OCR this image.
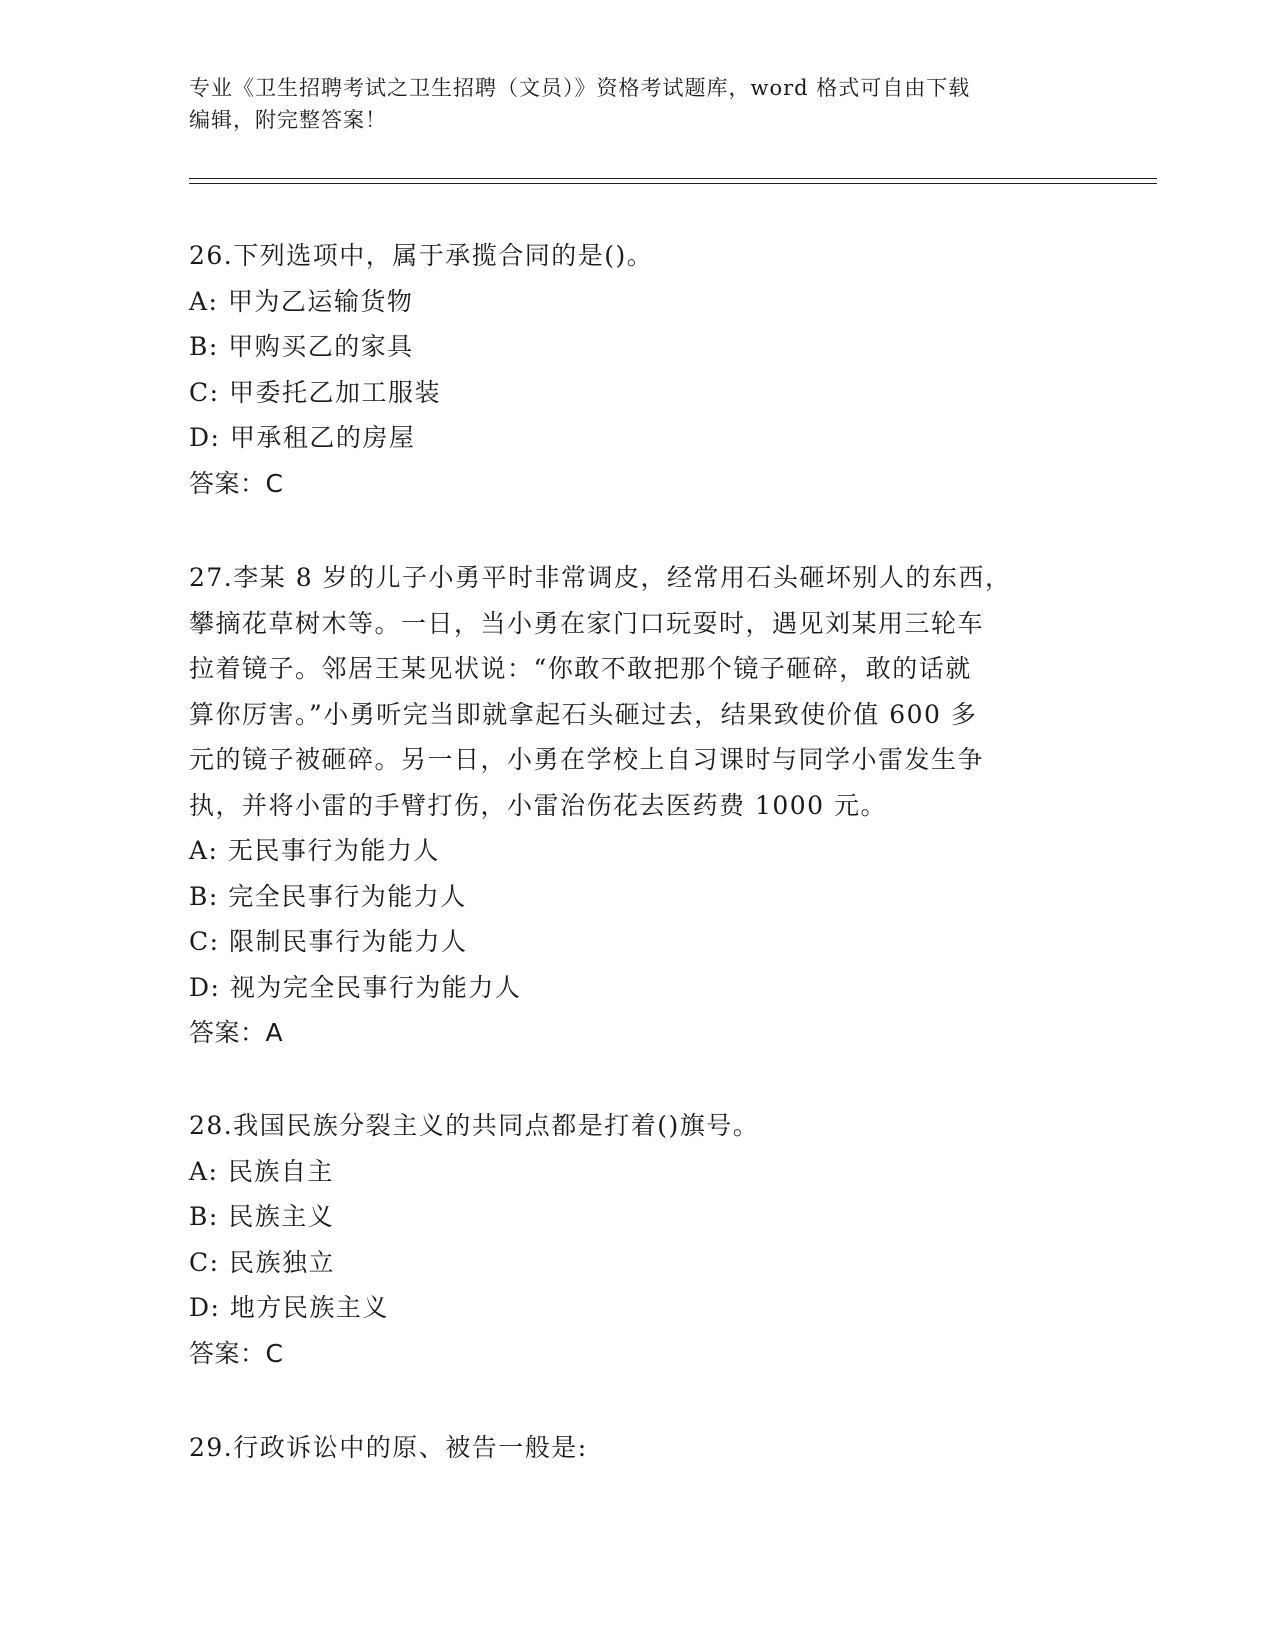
专业《卫生招聘考试之卫生招聘（文员）》资格考试题库，word 格式可自由下载
编辑，附完整答案！

26.下列选项中，属于承揽合同的是()。

A: 甲为乙运输货物

B: 甲购买乙的家具

C: 甲委托乙加工服装

D: 甲承租乙的房屋

答案：C

27.李某 8 岁的儿子小勇平时非常调皮，经常用石头砸坏别人的东西，

攀摘花草树木等。一日，当小勇在家门口玩耍时，遇见刘某用三轮车

拉着镜子。邻居王某见状说：“你敢不敢把那个镜子砸碎，敢的话就

算你厉害。”小勇听完当即就拿起石头砸过去，结果致使价值 600 多

元的镜子被砸碎。另一日，小勇在学校上自习课时与同学小雷发生争

执，并将小雷的手臂打伤，小雷治伤花去医药费 1000 元。

A: 无民事行为能力人

B: 完全民事行为能力人

C: 限制民事行为能力人

D: 视为完全民事行为能力人

答案：A

28.我国民族分裂主义的共同点都是打着()旗号。

A: 民族自主

B: 民族主义

C: 民族独立

D: 地方民族主义

答案：C

29.行政诉讼中的原、被告一般是:
